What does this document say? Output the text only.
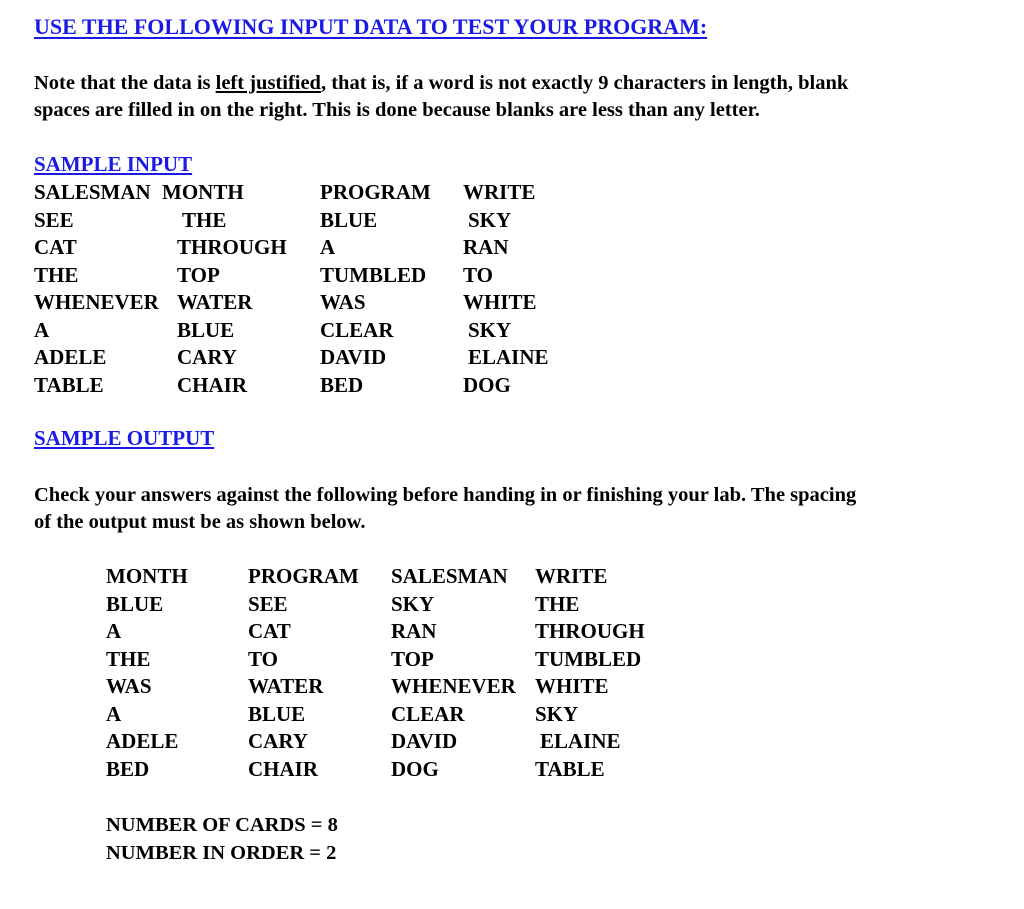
USE THE FOLLOWING INPUT DATA TO TEST YOUR PROGRAM:
Note that the data is left justified, that is, if a word is not exactly 9 characters in length, blank
spaces are filled in on the right. This is done because blanks are less than any letter.
SAMPLE INPUT
SALESMAN MONTH	PROGRAM WRITE
SEE	THE	BLUE	SKY
CAT	THROUGH A	RAN
THE	TOP	TUMBLED TO
WHENEVER WATER	WAS	WHITE
A	BLUE	CLEAR	SKY
ADELE	CARY	DAVID	ELAINE
TABLE	CHAIR	BED	DOG
SAMPLE OUTPUT
Check your answers against the following before handing in or finishing your lab. The spacing
of the output must be as shown below.
MONTH	PROGRAM SALESMAN WRITE
BLUE	SEE	SKY	THE
A	CAT	RAN	THROUGH
THE	TO	TOP	TUMBLED
WAS	WATER	WHENEVER WHITE
A	BLUE	CLEAR	SKY
ADELE	CARY	DAVID	ELAINE
BED	CHAIR	DOG	TABLE
NUMBER OF CARDS = 8
NUMBER IN ORDER = 2
